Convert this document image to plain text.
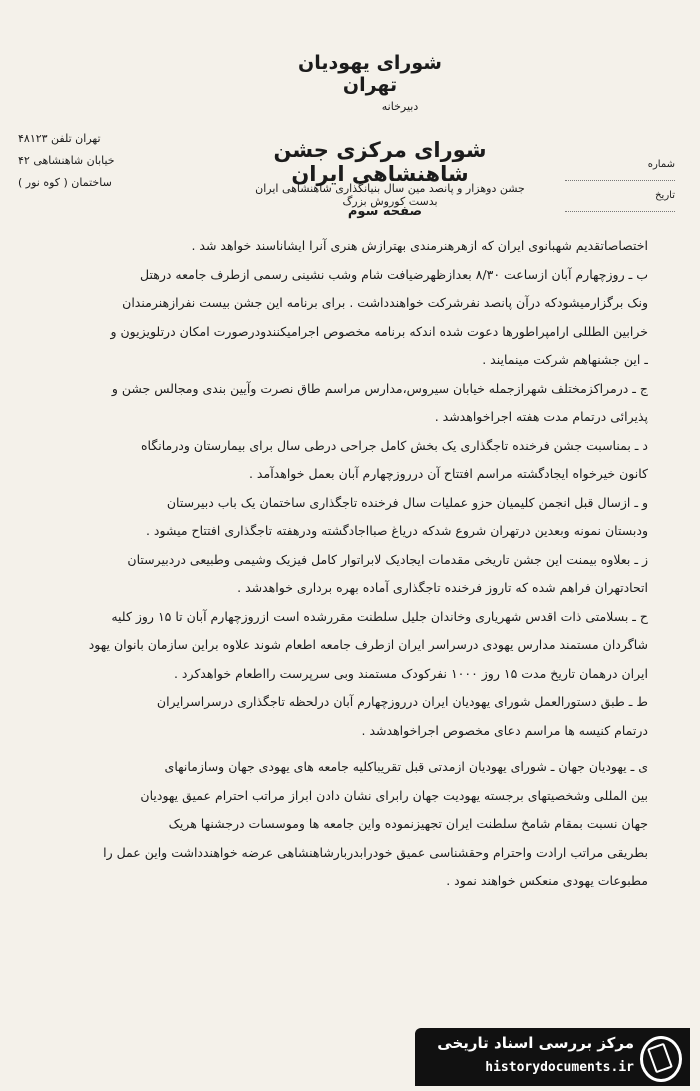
شورای یهودیان تهران
دبیرخانه
شورای مرکزی جشن شاهنشاهی ایران
جشن دوهزار و پانصد مین سال بنیانگذاری شاهنشاهی ایران بدست کوروش بزرگ
صفحه سوم
تهران تلفن ۴۸۱۲۳
خیابان شاهنشاهی ۴۲
ساختمان ( کوه نور )
شماره
تاریخ
اختصاصاتقدیم شهبانوی ایران که ازهرهنرمندی بهترازش هنری آنرا ایشاناسند خواهد شد .
ب ـ روزچهارم آبان ازساعت ۸/۳۰ بعدازظهرضیافت شام وشب نشینی رسمی ازطرف جامعه درهتل
ونک برگزارمیشودکه درآن پانصد نفرشرکت خواهندداشت . برای برنامه این جشن بیست نفرازهنرمندان
خرابین الطللی ارامپراطورها دعوت شده اندکه برنامه مخصوص اجرامیکنندودرصورت امکان درتلویزیون و
ـ این جشنهاهم شرکت مینمایند .
ج ـ درمراکزمختلف شهرازجمله خیابان سیروس،مدارس مراسم طاق نصرت وآیین بندی ومجالس جشن و
پذیرائی درتمام مدت هفته اجراخواهدشد .
د ـ بمناسبت جشن فرخنده تاجگذاری یک بخش کامل جراحی درطی سال برای بیمارستان ودرمانگاه
کانون خیرخواه ایجادگشته مراسم افتتاح آن درروزچهارم آبان بعمل خواهدآمد .
و ـ ازسال قبل انجمن کلیمیان حزو عملیات سال فرخنده تاجگذاری ساختمان یک باب دبیرستان
ودبستان نمونه وبعدین درتهران شروع شدکه دریاغ صبااجادگشته ودرهفته تاجگذاری افتتاح میشود .
ز ـ بعلاوه بیمنت این جشن تاریخی مقدمات ایجادیک لابراتوار کامل فیزیک وشیمی وطبیعی دردبیرستان
اتحادتهران فراهم شده که تاروز فرخنده تاجگذاری آماده بهره برداری خواهدشد .
ح ـ بسلامتی ذات اقدس شهریاری وخاندان جلیل سلطنت مقررشده است ازروزچهارم آبان تا ۱۵ روز کلیه
شاگردان مستمند مدارس یهودی درسراسر ایران ازطرف جامعه اطعام شوند علاوه براین سازمان بانوان یهود
ایران درهمان تاریخ مدت ۱۵ روز ۱۰۰۰ نفرکودک مستمند وبی سرپرست رااطعام خواهدکرد .
ط ـ طبق دستورالعمل شورای یهودیان ایران درروزچهارم آبان درلحظه تاجگذاری درسراسرایران
درتمام کنیسه ها مراسم دعای مخصوص اجراخواهدشد .
ی ـ یهودیان جهان ـ شورای یهودیان ازمدتی قبل تقریباکلیه جامعه های یهودی جهان وسازمانهای
بین المللی وشخصیتهای برجسته یهودیت جهان رابرای نشان دادن ابراز مراتب احترام عمیق یهودیان
جهان نسبت بمقام شامخ سلطنت ایران تجهیزنموده واین جامعه ها وموسسات درجشنها هریک
بطریقی مراتب ارادت واحترام وحقشناسی عمیق خودرابدربارشاهنشاهی عرضه خواهندداشت واین عمل را
مطبوعات یهودی منعکس خواهند نمود .
مرکز بررسی اسناد تاریخی
historydocuments.ir
